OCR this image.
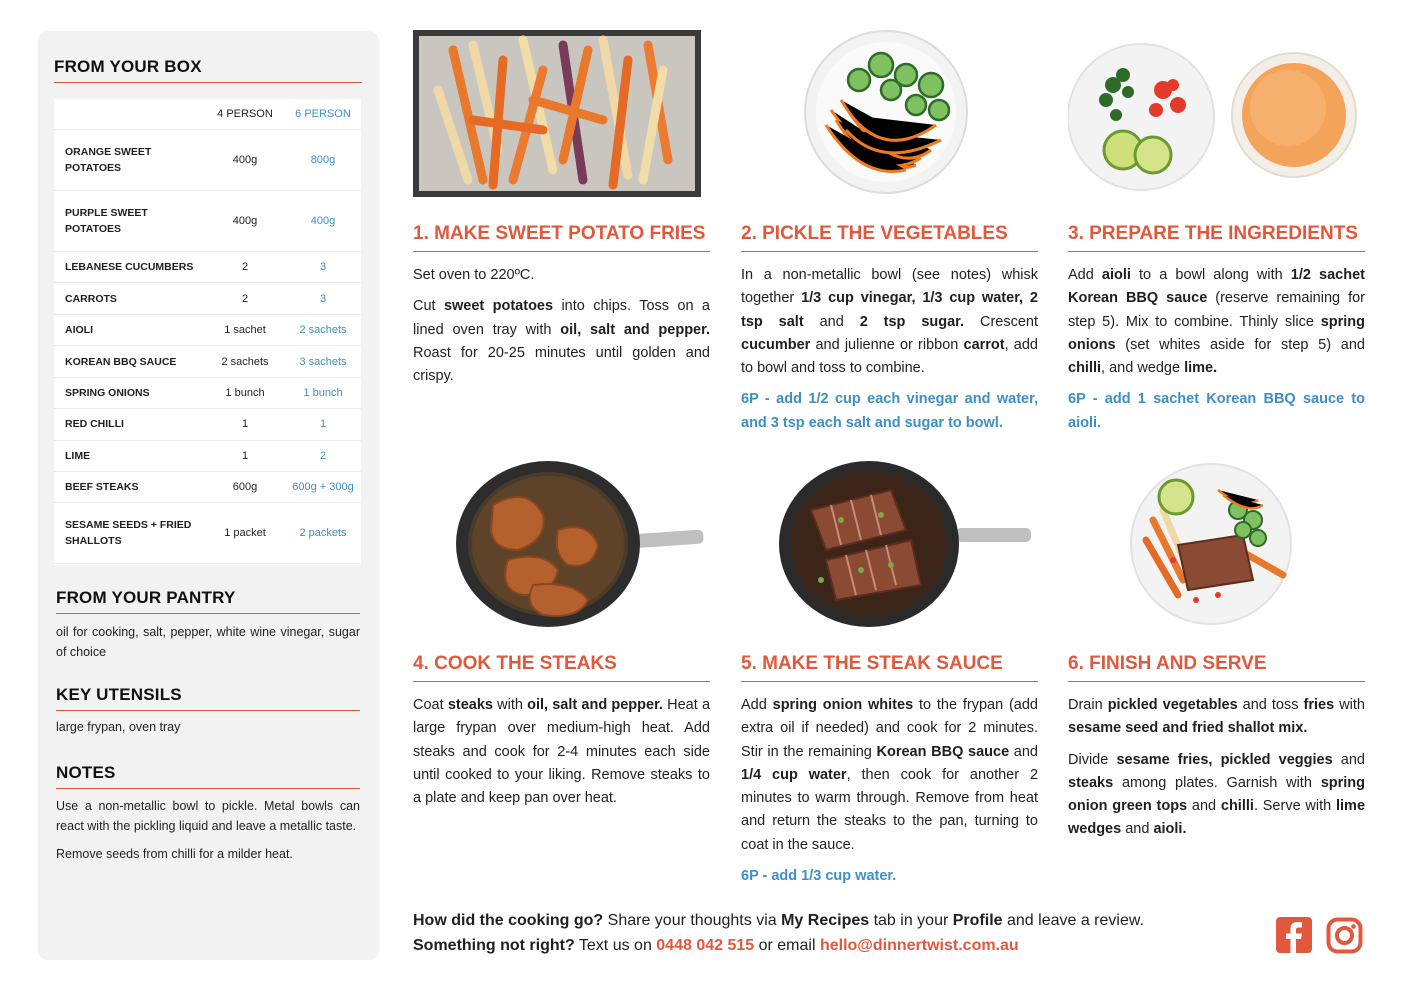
FROM YOUR BOX
	4 PERSON	6 PERSON
ORANGE SWEET POTATOES	400g	800g
PURPLE SWEET POTATOES	400g	400g
LEBANESE CUCUMBERS	2	3
CARROTS	2	3
AIOLI	1 sachet	2 sachets
KOREAN BBQ SAUCE	2 sachets	3 sachets
SPRING ONIONS	1 bunch	1 bunch
RED CHILLI	1	1
LIME	1	2
BEEF STEAKS	600g	600g + 300g
SESAME SEEDS + FRIED SHALLOTS	1 packet	2 packets

FROM YOUR PANTRY
oil for cooking, salt, pepper, white wine vinegar, sugar of choice
KEY UTENSILS
large frypan, oven tray
NOTES

Use a non-metallic bowl to pickle. Metal bowls can react with the pickling liquid and leave a metallic taste.

Remove seeds from chilli for a milder heat.

1. MAKE SWEET POTATO FRIES

Set oven to 220ºC.

Cut sweet potatoes into chips. Toss on a lined oven tray with oil, salt and pepper. Roast for 20-25 minutes until golden and crispy.

2. PICKLE THE VEGETABLES

In a non-metallic bowl (see notes) whisk together 1/3 cup vinegar, 1/3 cup water, 2 tsp salt and 2 tsp sugar. Crescent cucumber and julienne or ribbon carrot, add to bowl and toss to combine.

6P - add 1/2 cup each vinegar and water, and 3 tsp each salt and sugar to bowl.

3. PREPARE THE INGREDIENTS

Add aioli to a bowl along with 1/2 sachet Korean BBQ sauce (reserve remaining for step 5). Mix to combine. Thinly slice spring onions (set whites aside for step 5) and chilli, and wedge lime.

6P - add 1 sachet Korean BBQ sauce to aioli.

4. COOK THE STEAKS

Coat steaks with oil, salt and pepper. Heat a large frypan over medium-high heat. Add steaks and cook for 2-4 minutes each side until cooked to your liking. Remove steaks to a plate and keep pan over heat.

5. MAKE THE STEAK SAUCE

Add spring onion whites to the frypan (add extra oil if needed) and cook for 2 minutes. Stir in the remaining Korean BBQ sauce and 1/4 cup water, then cook for another 2 minutes to warm through. Remove from heat and return the steaks to the pan, turning to coat in the sauce.

6P - add 1/3 cup water.

6. FINISH AND SERVE

Drain pickled vegetables and toss fries with sesame seed and fried shallot mix.

Divide sesame fries, pickled veggies and steaks among plates. Garnish with spring onion green tops and chilli. Serve with lime wedges and aioli.

How did the cooking go? Share your thoughts via My Recipes tab in your Profile and leave a review.
Something not right? Text us on 0448 042 515 or email hello@dinnertwist.com.au
